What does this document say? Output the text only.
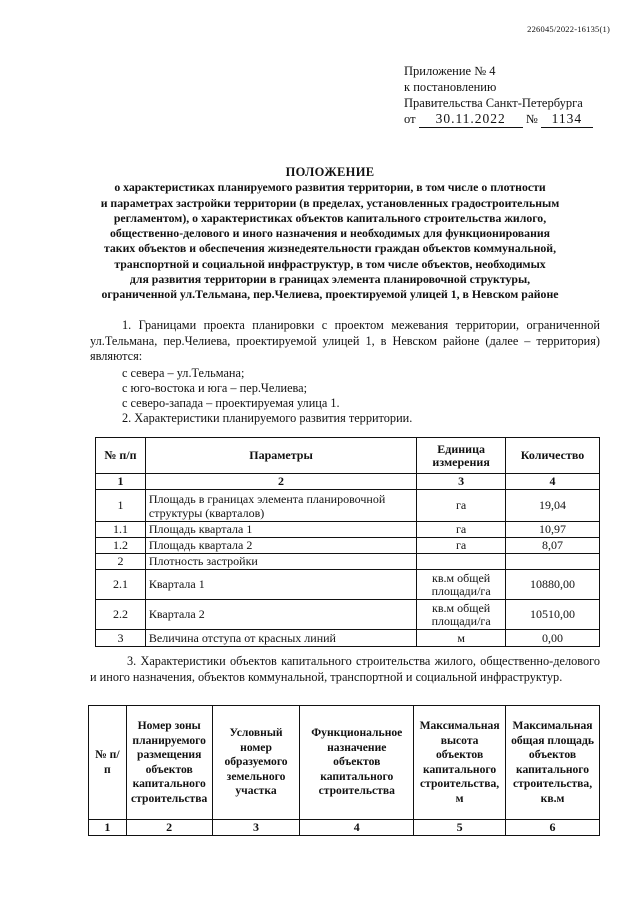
226045/2022-16135(1)
Приложение № 4
к постановлению
Правительства Санкт-Петербурга
от 30.11.2022 № 1134
ПОЛОЖЕНИЕ
о характеристиках планируемого развития территории, в том числе о плотности
и параметрах застройки территории (в пределах, установленных градостроительным
регламентом), о характеристиках объектов капитального строительства жилого,
общественно-делового и иного назначения и необходимых для функционирования
таких объектов и обеспечения жизнедеятельности граждан объектов коммунальной,
транспортной и социальной инфраструктур, в том числе объектов, необходимых
для развития территории в границах элемента планировочной структуры,
ограниченной ул.Тельмана, пер.Челиева, проектируемой улицей 1, в Невском районе
1. Границами проекта планировки с проектом межевания территории, ограниченной ул.Тельмана, пер.Челиева, проектируемой улицей 1, в Невском районе (далее – территория) являются:
с севера – ул.Тельмана;
с юго-востока и юга – пер.Челиева;
с северо-запада – проектируемая улица 1.
2. Характеристики планируемого развития территории.
№ п/п	Параметры	Единица измерения	Количество
1	2	3	4
1	Площадь в границах элемента планировочной структуры (кварталов)	га	19,04
1.1	Площадь квартала 1	га	10,97
1.2	Площадь квартала 2	га	8,07
2	Плотность застройки		
2.1	Квартала 1	кв.м общей площади/га	10880,00
2.2	Квартала 2	кв.м общей площади/га	10510,00
3	Величина отступа от красных линий	м	0,00
3. Характеристики объектов капитального строительства жилого, общественно-делового и иного назначения, объектов коммунальной, транспортной и социальной инфраструктур.
№ п/п	Номер зоны планируемого размещения объектов капитального строительства	Условный номер образуемого земельного участка	Функциональное назначение объектов капитального строительства	Максимальная высота объектов капитального строительства, м	Максимальная общая площадь объектов капитального строительства, кв.м
1	2	3	4	5	6
